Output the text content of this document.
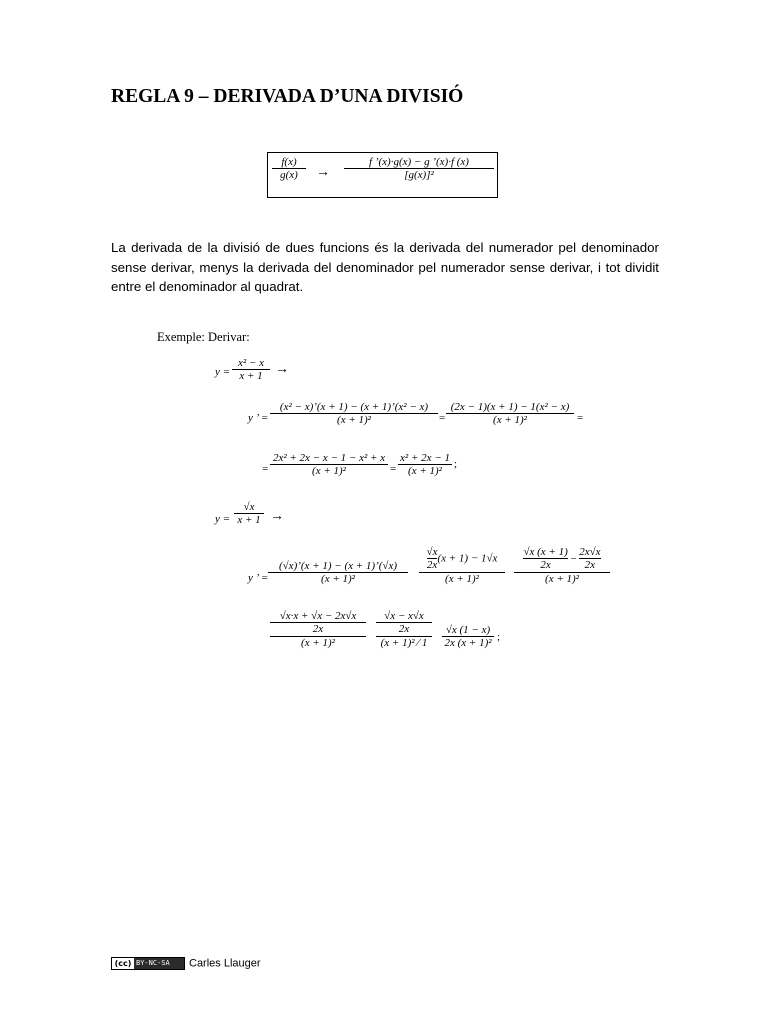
REGLA 9 – DERIVADA D’UNA DIVISIÓ
f(x)
g(x)	→
f ’(x)·g(x) − g ’(x)·f (x)
[g(x)]²

La derivada de la divisió de dues funcions és la derivada del numerador pel denominador sense derivar, menys la derivada del denominador pel numerador sense derivar, i tot dividit entre el denominador al quadrat.

Exemple: Derivar:
y =
x² − x
x + 1 →
y ’ =
(x² − x)’(x + 1) − (x + 1)’(x² − x)
(x + 1)²	=
(2x − 1)(x + 1) − 1(x² − x)
(x + 1)²	=
=
2x² + 2x − x − 1 − x² + x
(x + 1)²	=
x² + 2x − 1
(x + 1)²
;
y =
√x
x + 1 →
y ’ =
(√x)’(x + 1) − (x + 1)’(√x)
(x + 1)²
$\frac{√x}{2x} (x + 1) - 1√x$
(x + 1)²
$\frac{√x (x + 1)}{2x} - \frac{2x√x}{2x}$
(x + 1)²
√x·x + √x − 2x√x
2x
(x + 1)²
√x − x√x
2x
(x + 1)² ⁄ 1
√x (1 − x)
2x (x + 1)² ;
(cc) BY-NC-SA Carles Llauger
